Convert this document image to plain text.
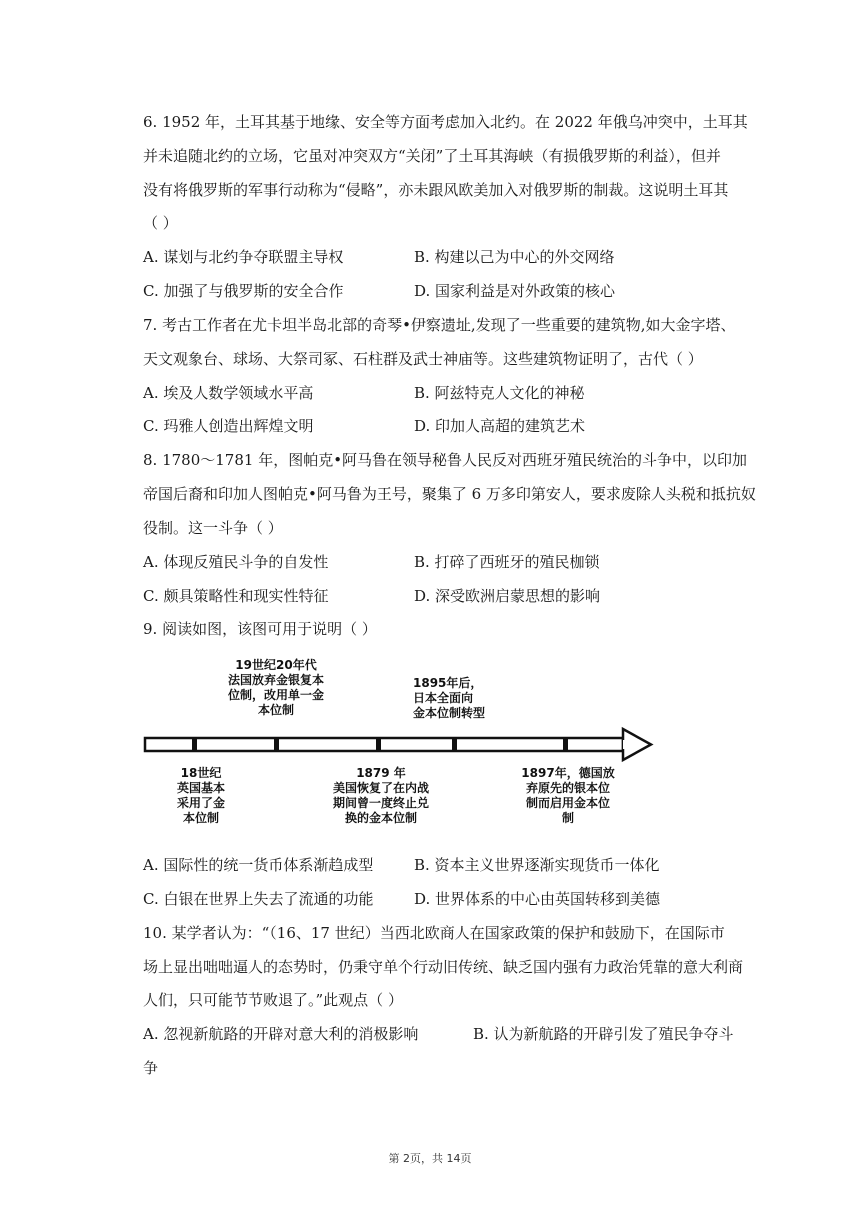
6. 1952 年，土耳其基于地缘、安全等方面考虑加入北约。在 2022 年俄乌冲突中，土耳其
并未追随北约的立场，它虽对冲突双方“关闭”了土耳其海峡（有损俄罗斯的利益），但并
没有将俄罗斯的军事行动称为“侵略”，亦未跟风欧美加入对俄罗斯的制裁。这说明土耳其
（ ）
A. 谋划与北约争夺联盟主导权	B. 构建以己为中心的外交网络
C. 加强了与俄罗斯的安全合作	D. 国家利益是对外政策的核心
7. 考古工作者在尤卡坦半岛北部的奇琴•伊察遗址,发现了一些重要的建筑物,如大金字塔、
天文观象台、球场、大祭司冢、石柱群及武士神庙等。这些建筑物证明了，古代（ ）
A. 埃及人数学领域水平高	B. 阿兹特克人文化的神秘
C. 玛雅人创造出辉煌文明	D. 印加人高超的建筑艺术
8. 1780～1781 年，图帕克•阿马鲁在领导秘鲁人民反对西班牙殖民统治的斗争中，以印加
帝国后裔和印加人图帕克•阿马鲁为王号，聚集了 6 万多印第安人，要求废除人头税和抵抗奴
役制。这一斗争（ ）
A. 体现反殖民斗争的自发性	B. 打碎了西班牙的殖民枷锁
C. 颇具策略性和现实性特征	D. 深受欧洲启蒙思想的影响
9. 阅读如图，该图可用于说明（ ）
19世纪20年代
法国放弃金银复本
位制，改用单一金
本位制
1895年后，
日本全面向
金本位制转型
18世纪
英国基本
采用了金
本位制
1879 年
美国恢复了在内战
期间曾一度终止兑
换的金本位制
1897年，德国放
弃原先的银本位
制而启用金本位
制
A. 国际性的统一货币体系渐趋成型	B. 资本主义世界逐渐实现货币一体化
C. 白银在世界上失去了流通的功能	D. 世界体系的中心由英国转移到美德
10. 某学者认为：“（16、17 世纪）当西北欧商人在国家政策的保护和鼓励下，在国际市
场上显出咄咄逼人的态势时，仍秉守单个行动旧传统、缺乏国内强有力政治凭靠的意大利商
人们，只可能节节败退了。”此观点（ ）
A. 忽视新航路的开辟对意大利的消极影响	B. 认为新航路的开辟引发了殖民争夺斗
争
第 2页，共 14页
